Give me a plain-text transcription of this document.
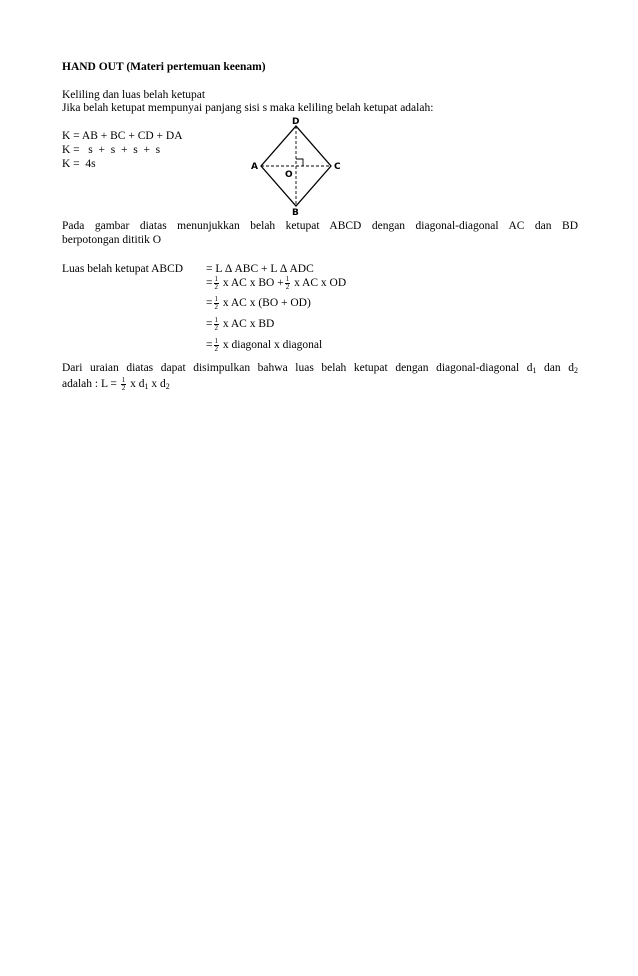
HAND OUT (Materi pertemuan keenam)
Keliling dan luas belah ketupat
Jika belah ketupat mempunyai panjang sisi s maka keliling belah ketupat adalah:
K = AB + BC + CD + DA
K =   s  +  s  +  s  +  s
K =  4s
D
A	C
O
B
Pada gambar diatas menunjukkan belah ketupat ABCD dengan diagonal-diagonal AC dan BD
berpotongan dititik O
Luas belah ketupat ABCD = L Δ ABC + L Δ ADC
= $\frac{1}{2}$ x AC x BO + $\frac{1}{2}$ x AC x OD
= $\frac{1}{2}$ x AC x (BO + OD)
= $\frac{1}{2}$ x AC x BD
= $\frac{1}{2}$ x diagonal x diagonal
Dari uraian diatas dapat disimpulkan bahwa luas belah ketupat dengan diagonal-diagonal $d_1$ dan $d_2$
adalah : $L = \frac{1}{2}$ x $d_1$ x $d_2$
